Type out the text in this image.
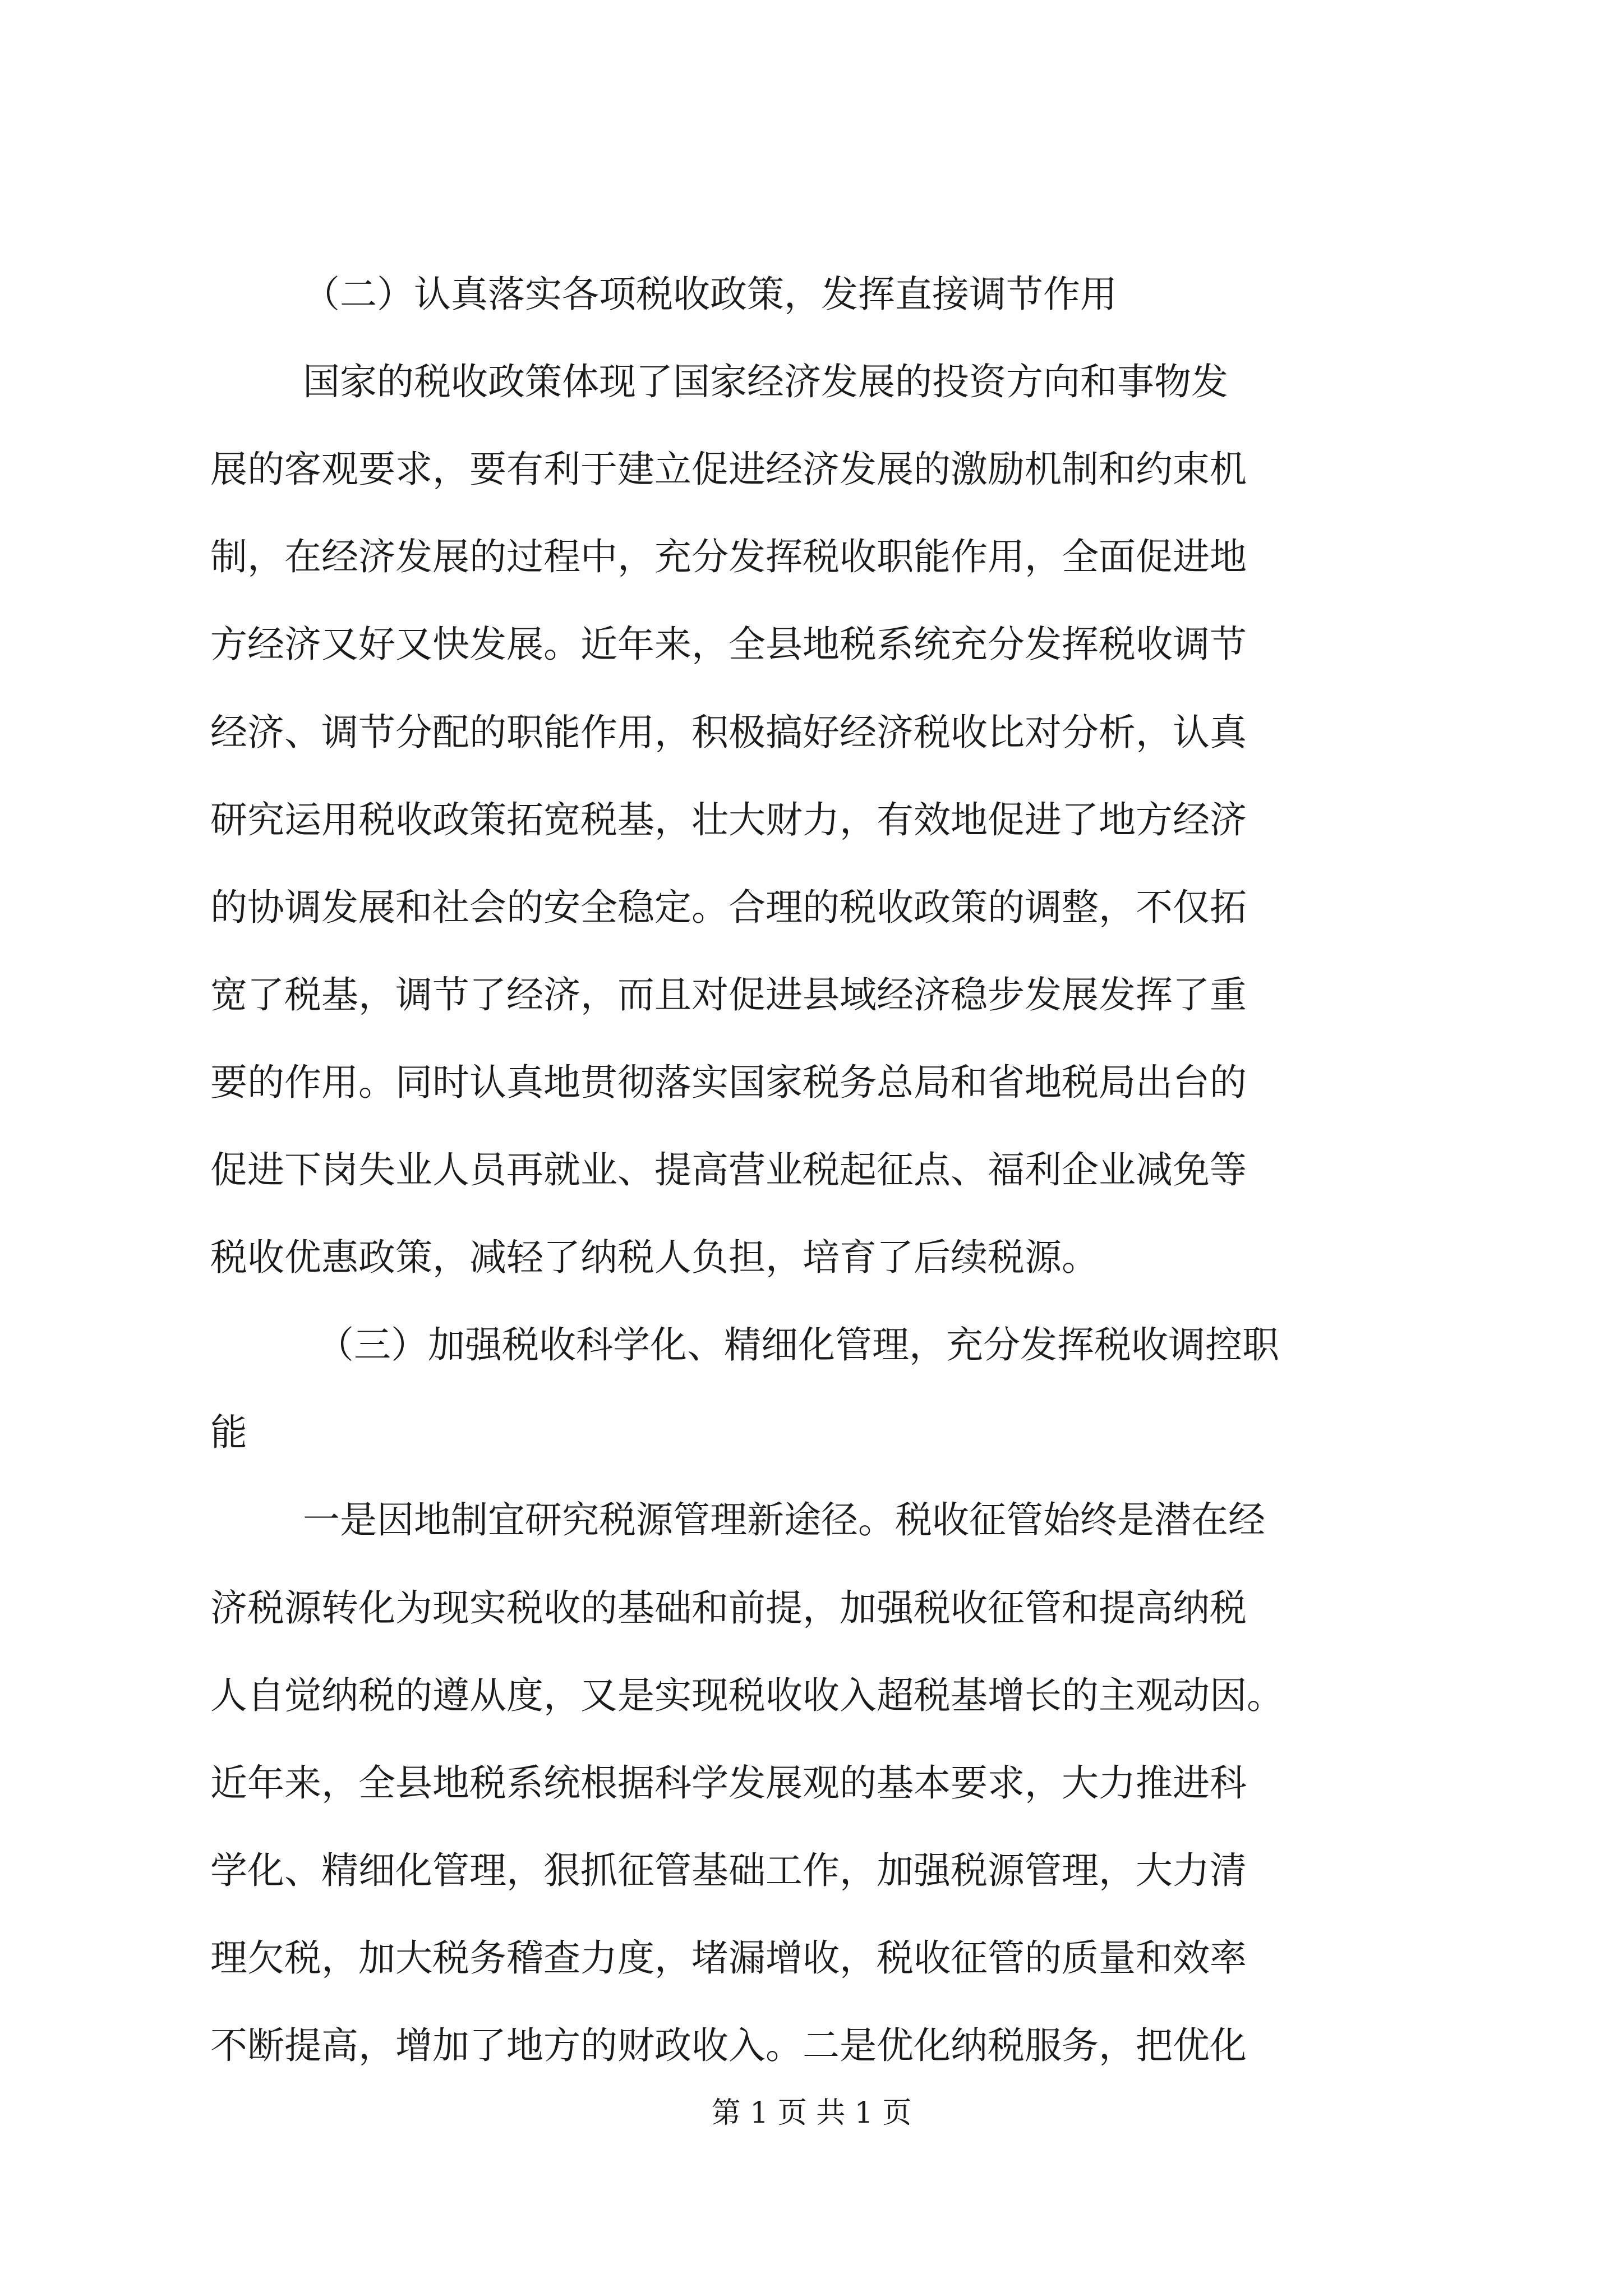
（二）认真落实各项税收政策，发挥直接调节作用
国家的税收政策体现了国家经济发展的投资方向和事物发
展的客观要求，要有利于建立促进经济发展的激励机制和约束机
制，在经济发展的过程中，充分发挥税收职能作用，全面促进地
方经济又好又快发展。近年来，全县地税系统充分发挥税收调节
经济、调节分配的职能作用，积极搞好经济税收比对分析，认真
研究运用税收政策拓宽税基，壮大财力，有效地促进了地方经济
的协调发展和社会的安全稳定。合理的税收政策的调整，不仅拓
宽了税基，调节了经济，而且对促进县域经济稳步发展发挥了重
要的作用。同时认真地贯彻落实国家税务总局和省地税局出台的
促进下岗失业人员再就业、提高营业税起征点、福利企业减免等
税收优惠政策，减轻了纳税人负担，培育了后续税源。
（三）加强税收科学化、精细化管理，充分发挥税收调控职
能
一是因地制宜研究税源管理新途径。税收征管始终是潜在经
济税源转化为现实税收的基础和前提，加强税收征管和提高纳税
人自觉纳税的遵从度，又是实现税收收入超税基增长的主观动因。
近年来，全县地税系统根据科学发展观的基本要求，大力推进科
学化、精细化管理，狠抓征管基础工作，加强税源管理，大力清
理欠税，加大税务稽查力度，堵漏增收，税收征管的质量和效率
不断提高，增加了地方的财政收入。二是优化纳税服务，把优化
第 1 页 共 1 页
